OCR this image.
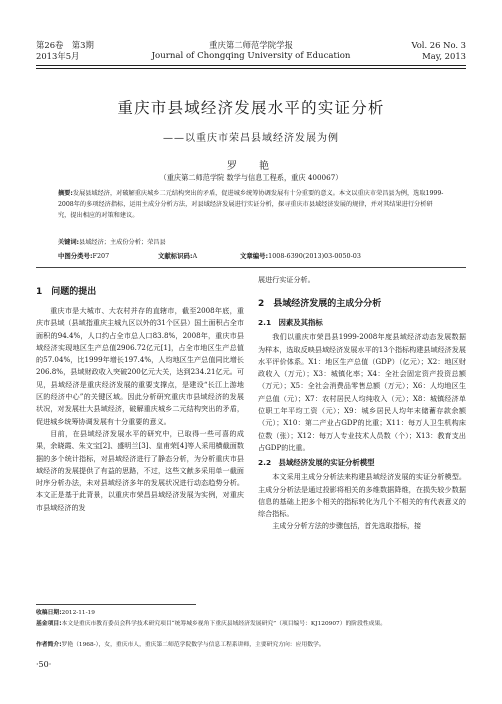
第26卷　第3期
2013年5月
重庆第二师范学院学报
Journal of Chongqing University of Education
Vol. 26 No. 3
May, 2013
重庆市县域经济发展水平的实证分析
——以重庆市荣昌县域经济发展为例
罗　艳
（重庆第二师范学院 数学与信息工程系，重庆 400067）
摘要:发展县域经济，对破解重庆城乡二元结构突出的矛盾，促进城乡统筹协调发展有十分重要的意义。本文以重庆市荣昌县为例，选取1999-2008年的多项经济指标，运用主成分分析方法，对县域经济发展进行实证分析，探寻重庆市县域经济发展的规律，并对其结果进行分析研究，提出相应的对策和建议。
关键词:县域经济；主成份分析；荣昌县
中图分类号:F207	文献标识码:A	文章编号:1008-6390(2013)03-0050-03
1　问题的提出

重庆市是大城市、大农村并存的直辖市，截至2008年底，重庆市县域（县域指重庆主城九区以外的31个区县）国土面积占全市面积的94.4%，人口约占全市总人口83.8%，2008年，重庆市县域经济实现地区生产总值2906.72亿元[1]，占全市地区生产总值的57.04%，比1999年增长197.4%，人均地区生产总值同比增长206.8%，县域财政收入突破200亿元大关，达到234.21亿元。可见，县域经济是重庆经济发展的重要支撑点，是建设“长江上游地区的经济中心”的关键区域。因此分析研究重庆市县域经济的发展状况，对发展壮大县域经济，破解重庆城乡二元结构突出的矛盾，促进城乡统筹协调发展有十分重要的意义。

目前，在县域经济发展水平的研究中，已取得一些可喜的成果，余晓霞、朱文宝[2]、盛明兰[3]、皇甫荣[4]等人采用横截面数据的多个统计指标，对县域经济进行了静态分析，为分析重庆市县域经济的发展提供了有益的思路，不过，这些文献多采用单一截面时序分析办法，未对县域经济多年的发展状况进行动态趋势分析。本文正是基于此背景，以重庆市荣昌县域经济发展为实例，对重庆市县域经济的发

展进行实证分析。

2　县域经济发展的主成分分析
2.1　因素及其指标

我们以重庆市荣昌县1999-2008年度县域经济动态发展数据为样本，选取反映县域经济发展水平的13个指标构建县域经济发展水平评价体系。X1：地区生产总值（GDP）（亿元）；X2：地区财政收入（万元）；X3：城镇化率；X4：全社会固定资产投资总额（万元）；X5：全社会消费品零售总额（万元）；X6：人均地区生产总值（元）；X7：农村居民人均纯收入（元）；X8：城镇经济单位职工年平均工资（元）；X9：城乡居民人均年末储蓄存款余额（元）；X10：第二产业占GDP的比重；X11：每万人卫生机构床位数（张）；X12：每万人专业技术人员数（个）；X13：教育支出占GDP的比重。

2.2　县域经济发展的实证分析模型

本文采用主成分分析法来构建县域经济发展的实证分析模型。主成分分析法是通过投影将相关的多维数据降维，在损失较少数据信息的基础上把多个相关的指标转化为几个不相关的有代表意义的综合指标。

主成分分析方法的步骤包括，首先选取指标，接

收稿日期:2012-11-19
基金项目:本文是重庆市教育委员会科学技术研究项目“统筹城乡视角下重庆县域经济发展研究”（项目编号：KJ120907）的阶段性成果。
作者简介:罗艳（1968-），女，重庆市人，重庆第二师范学院数学与信息工程系讲师，主要研究方向：应用数学。
·50·
